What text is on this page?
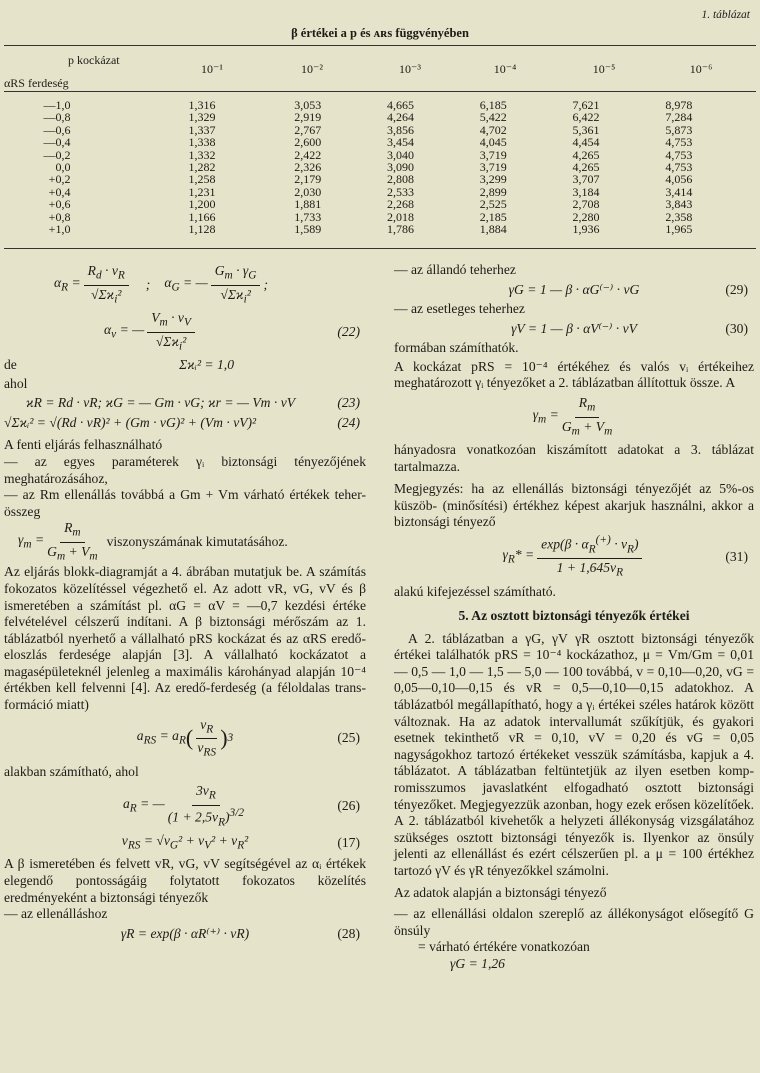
1. táblázat
β értékei a p és ᴀʀs függvényében
p kockázat
αRS ferdeség
10⁻¹	10⁻²	10⁻³	10⁻⁴	10⁻⁵	10⁻⁶
—1,0	1,316	3,053	4,665	6,185	7,621	8,978
—0,8	1,329	2,919	4,264	5,422	6,422	7,284
—0,6	1,337	2,767	3,856	4,702	5,361	5,873
—0,4	1,338	2,600	3,454	4,045	4,454	4,753
—0,2	1,332	2,422	3,040	3,719	4,265	4,753
0,0	1,282	2,326	3,090	3,719	4,265	4,753
+0,2	1,258	2,179	2,808	3,299	3,707	4,056
+0,4	1,231	2,030	2,533	2,899	3,184	3,414
+0,6	1,200	1,881	2,268	2,525	2,708	3,843
+0,8	1,166	1,733	2,018	2,185	2,280	2,358
+1,0	1,128	1,589	1,786	1,884	1,936	1,965
$\alpha_R = \frac{R_d \cdot v_R}{√\Sigma ϰ_i^2}$ ; $\alpha_G$ = — $\frac{G_m \cdot \gamma_G}{√\Sigma ϰ_i^2}$ ;
$\alpha_v$ = — $\frac{V_m \cdot \nu_V}{√\Sigma ϰ_i^2}$	(22)
de	Σϰᵢ² = 1,0

ahol

ϰR = Rd · vR; ϰG = — Gm · vG; ϰr = — Vm · vV	(23)
√Σϰᵢ² = √(Rd · vR)² + (Gm · vG)² + (Vm · vV)²	(24)

A fenti eljárás felhasználható

— az egyes paraméterek γᵢ biztonsági tényezőjének meghatározásához,

— az Rm ellenállás továbbá a Gm + Vm várható értékek teher-összeg

$\gamma_m = \frac{R_m}{G_m + V_m}$ viszonyszámának kimutatásához.

Az eljárás blokk-diagramját a 4. ábrában mutatjuk be. A számítás fokozatos közelítéssel végezhető el. Az adott vR, vG, vV és β ismeretében a számítást pl. αG = αV = —0,7 kezdési értéke felvételével célszerű indítani. A β biztonsági mérőszám az 1. táblázatból nyerhető a vállalható pRS kockázat és az αRS eredő-eloszlás ferdesége alapján [3]. A vállalható kockázatot a magasépületeknél jelenleg a maximális károhányad alapján 10⁻⁴ értékben kell felvenni [4]. Az eredő-ferdeség (a féloldalas transformáció miatt)

$a_{RS} = a_R$ ( $\frac{\nu_R}{\nu_{RS}}$ ) 3	(25)

alakban számítható, ahol

$a_R$ = — $\frac{3\nu_R}{(1 + 2,5\nu_R)^{3/2}}$	(26)
$\nu_{RS} = √\nu_G^2 + \nu_V^2 + \nu_R^2$	(17)

A β ismeretében és felvett vR, vG, vV segítségével az αᵢ értékek elegendő pontosságáig folytatott fokozatos közelítés eredményeként a biztonsági tényezők

— az ellenálláshoz

γR = exp(β · αR⁽⁺⁾ · vR)	(28)

— az állandó teherhez

γG = 1 — β · αG⁽⁻⁾ · vG	(29)

— az esetleges teherhez

γV = 1 — β · αV⁽⁻⁾ · vV	(30)

formában számíthatók.

A kockázat pRS = 10⁻⁴ értékéhez és valós vᵢ értékeihez meghatározott γᵢ tényezőket a 2. táblázatban állítottuk össze. A

$\gamma_m = \frac{R_m}{G_m + V_m}$

hányadosra vonatkozóan kiszámított adatokat a 3. táblázat tartalmazza.

Megjegyzés: ha az ellenállás biztonsági tényezőjét az 5%-os küszöb- (minősítési) értékhez képest akarjuk használni, akkor a biztonsági tényező

$\gamma_R* = \frac{\exp(\beta \cdot \alpha_R^{(+)} \cdot \nu_R)}{1 + 1,645\nu_R}$	(31)

alakú kifejezéssel számítható.

5. Az osztott biztonsági tényezők értékei

A 2. táblázatban a γG, γV γR osztott biztonsági tényezők értékei találhatók pRS = 10⁻⁴ kockázathoz, μ = Vm/Gm = 0,01 — 0,5 — 1,0 — 1,5 — 5,0 — 100 továbbá, v = 0,10—0,20, vG = 0,05—0,10—0,15 és vR = 0,5—0,10—0,15 adatokhoz. A táblázatból megállapítható, hogy a γᵢ értékei széles határok között változnak. Ha az adatok intervallumát szűkítjük, és gyakori esetnek tekinthető vR = 0,10, vV = 0,20 és vG = 0,05 nagyságokhoz tartozó értékeket vesszük számításba, kapjuk a 4. táblázatot. A táblázatban feltüntetjük az ilyen esetben kompromisszumos javaslatként elfogadható osztott biztonsági tényezőket. Megjegyezzük azonban, hogy ezek erősen közelítőek. A 2. táblázatból kivehetők a helyzeti állékonyság vizsgálatához szükséges osztott biztonsági tényezők is. Ilyenkor az önsúly jelenti az ellenállást és ezért célszerűen pl. a μ = 100 értékhez tartozó γV és γR tényezőkkel számolni.

Az adatok alapján a biztonsági tényező

— az ellenállási oldalon szereplő az állékonyságot elősegítő G önsúly

= várható értékére vonatkozóan

γG = 1,26
